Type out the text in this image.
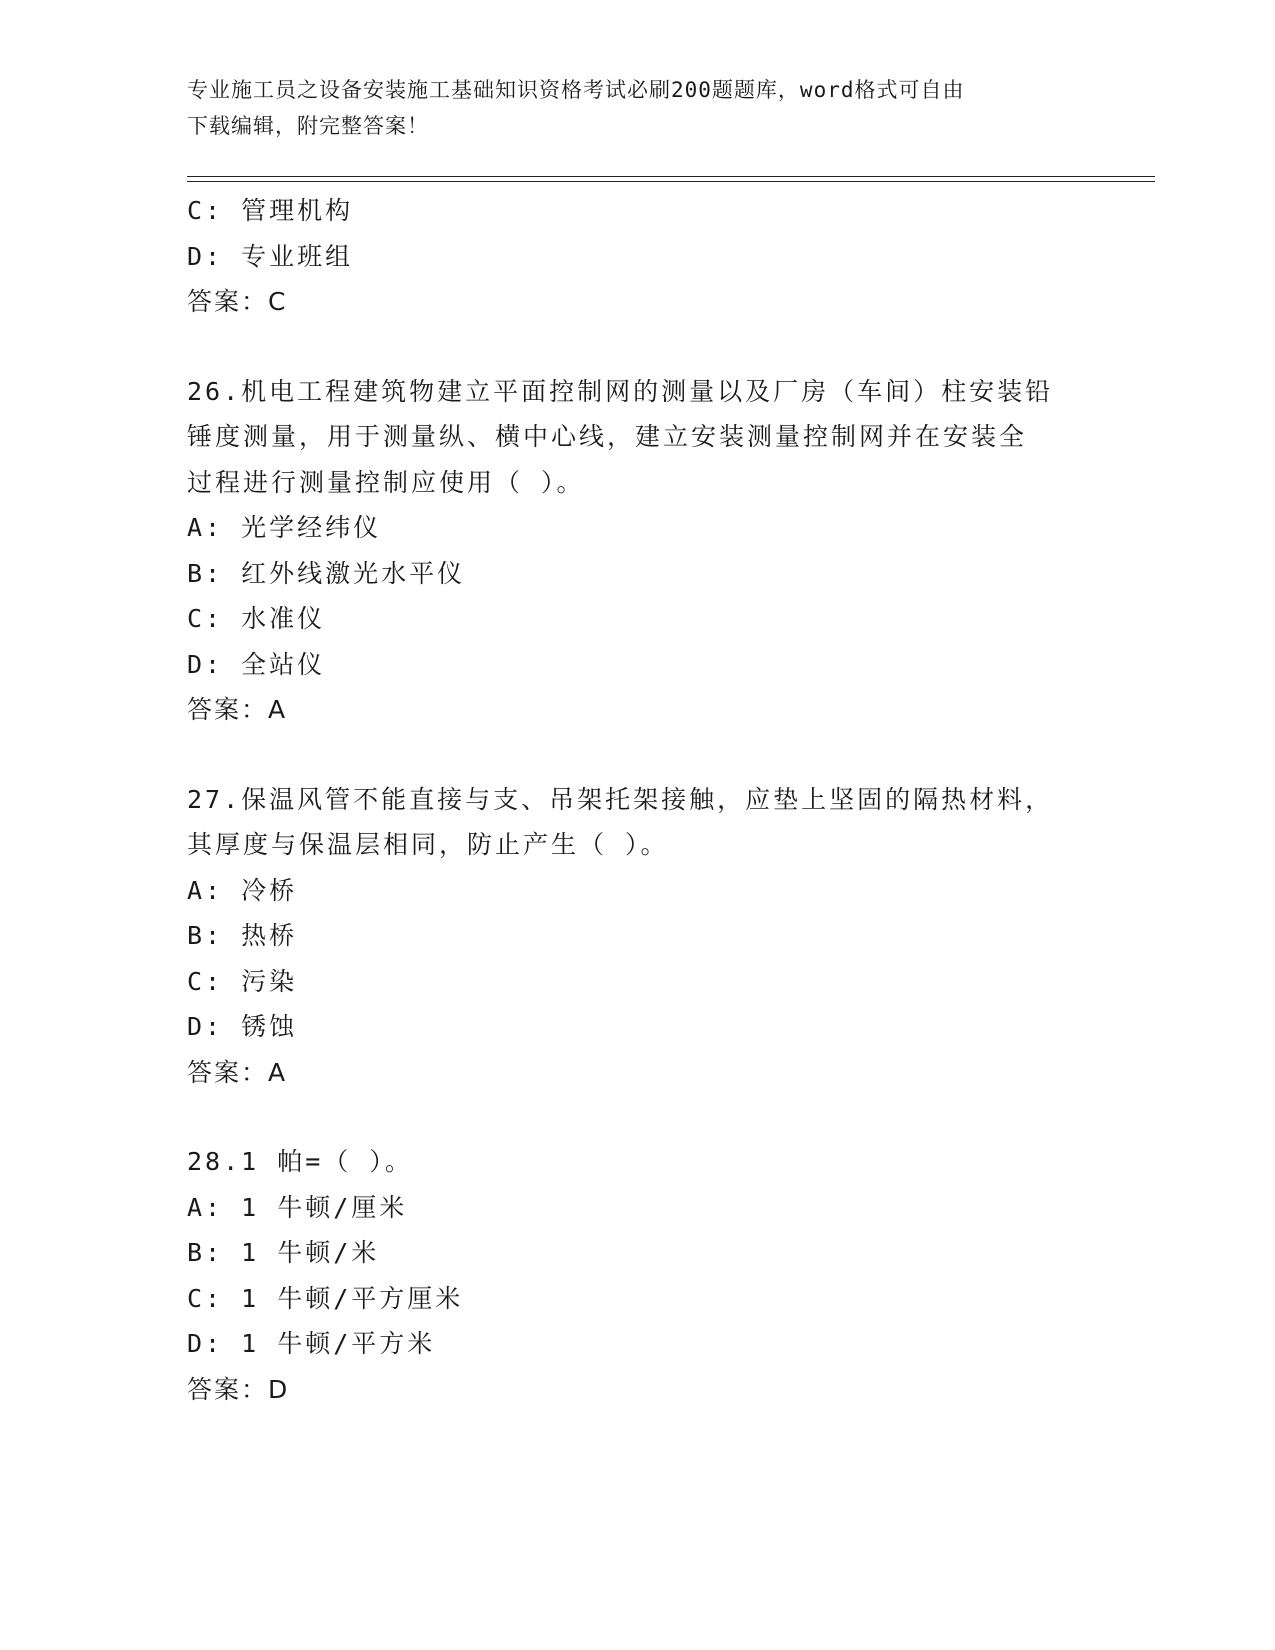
专业施工员之设备安装施工基础知识资格考试必刷200题题库，word格式可自由
下载编辑，附完整答案！
C: 管理机构
D: 专业班组
答案：C
26.机电工程建筑物建立平面控制网的测量以及厂房（车间）柱安装铅
锤度测量，用于测量纵、横中心线，建立安装测量控制网并在安装全
过程进行测量控制应使用（ ）。
A: 光学经纬仪
B: 红外线激光水平仪
C: 水准仪
D: 全站仪
答案：A
27.保温风管不能直接与支、吊架托架接触，应垫上坚固的隔热材料，
其厚度与保温层相同，防止产生（ ）。
A: 冷桥
B: 热桥
C: 污染
D: 锈蚀
答案：A
28.1 帕=（ ）。
A: 1 牛顿/厘米
B: 1 牛顿/米
C: 1 牛顿/平方厘米
D: 1 牛顿/平方米
答案：D
